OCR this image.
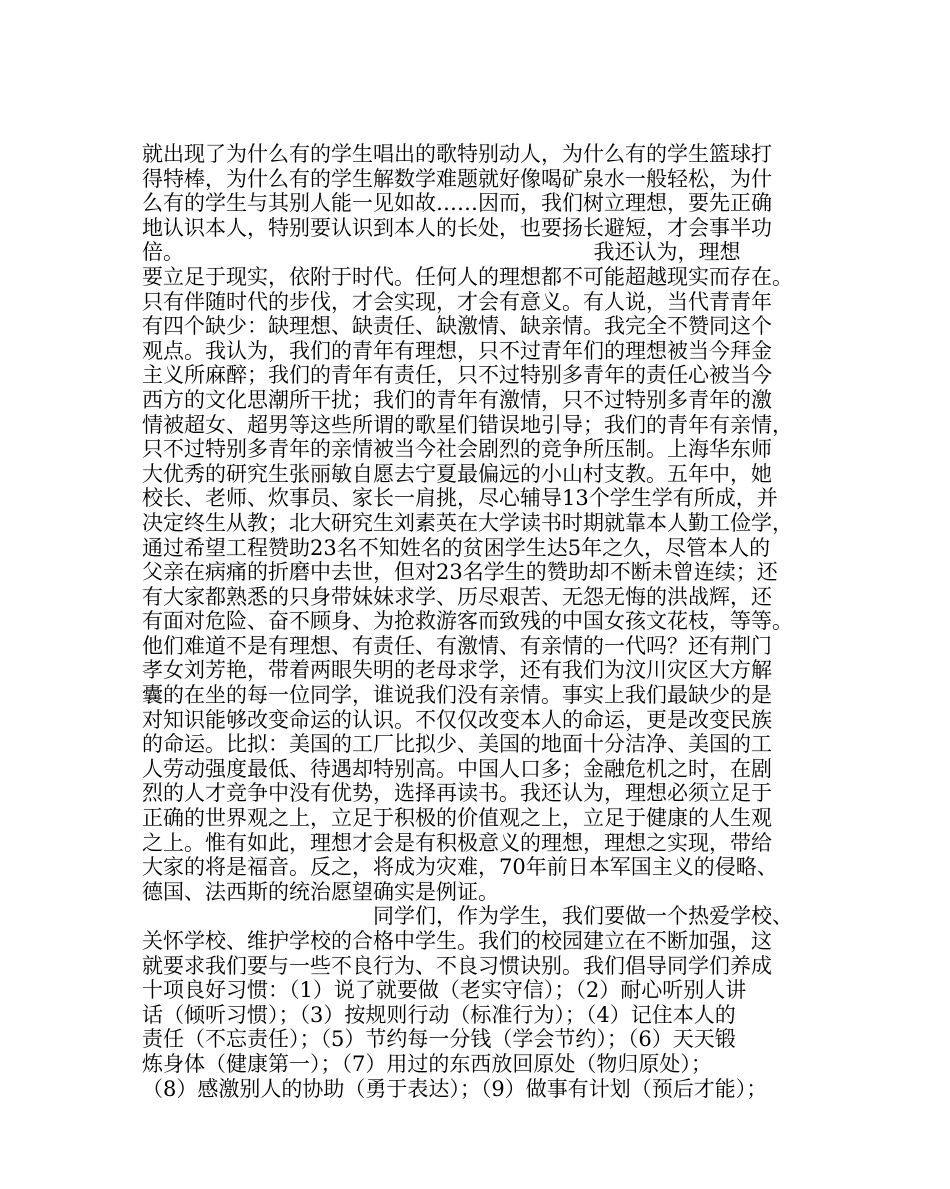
就出现了为什么有的学生唱出的歌特别动人，为什么有的学生篮球打
得特棒，为什么有的学生解数学难题就好像喝矿泉水一般轻松，为什
么有的学生与其别人能一见如故……因而，我们树立理想，要先正确
地认识本人，特别要认识到本人的长处，也要扬长避短，才会事半功
倍。　　　　　　　　　　　　　　　　　　　　我还认为，理想
要立足于现实，依附于时代。任何人的理想都不可能超越现实而存在。
只有伴随时代的步伐，才会实现，才会有意义。有人说，当代青青年
有四个缺少：缺理想、缺责任、缺激情、缺亲情。我完全不赞同这个
观点。我认为，我们的青年有理想，只不过青年们的理想被当今拜金
主义所麻醉；我们的青年有责任，只不过特别多青年的责任心被当今
西方的文化思潮所干扰；我们的青年有激情，只不过特别多青年的激
情被超女、超男等这些所谓的歌星们错误地引导；我们的青年有亲情，
只不过特别多青年的亲情被当今社会剧烈的竞争所压制。上海华东师
大优秀的研究生张丽敏自愿去宁夏最偏远的小山村支教。五年中，她
校长、老师、炊事员、家长一肩挑，尽心辅导13个学生学有所成，并
决定终生从教；北大研究生刘素英在大学读书时期就靠本人勤工俭学，
通过希望工程赞助23名不知姓名的贫困学生达5年之久，尽管本人的
父亲在病痛的折磨中去世，但对23名学生的赞助却不断未曾连续；还
有大家都熟悉的只身带妹妹求学、历尽艰苦、无怨无悔的洪战辉，还
有面对危险、奋不顾身、为抢救游客而致残的中国女孩文花枝，等等。
他们难道不是有理想、有责任、有激情、有亲情的一代吗？还有荆门
孝女刘芳艳，带着两眼失明的老母求学，还有我们为汶川灾区大方解
囊的在坐的每一位同学，谁说我们没有亲情。事实上我们最缺少的是
对知识能够改变命运的认识。不仅仅改变本人的命运，更是改变民族
的命运。比拟：美国的工厂比拟少、美国的地面十分洁净、美国的工
人劳动强度最低、待遇却特别高。中国人口多；金融危机之时，在剧
烈的人才竞争中没有优势，选择再读书。我还认为，理想必须立足于
正确的世界观之上，立足于积极的价值观之上，立足于健康的人生观
之上。惟有如此，理想才会是有积极意义的理想，理想之实现，带给
大家的将是福音。反之，将成为灾难，70年前日本军国主义的侵略、
德国、法西斯的统治愿望确实是例证。
　　　　　　　　　　　同学们，作为学生，我们要做一个热爱学校、
关怀学校、维护学校的合格中学生。我们的校园建立在不断加强，这
就要求我们要与一些不良行为、不良习惯诀别。我们倡导同学们养成
十项良好习惯：（1）说了就要做（老实守信）；（2）耐心听别人讲
话（倾听习惯）；（3）按规则行动（标准行为）；（4）记住本人的
责任（不忘责任）；（5）节约每一分钱（学会节约）；（6）天天锻
炼身体（健康第一）；（7）用过的东西放回原处（物归原处）；
（8）感激别人的协助（勇于表达）；（9）做事有计划（预后才能）；
